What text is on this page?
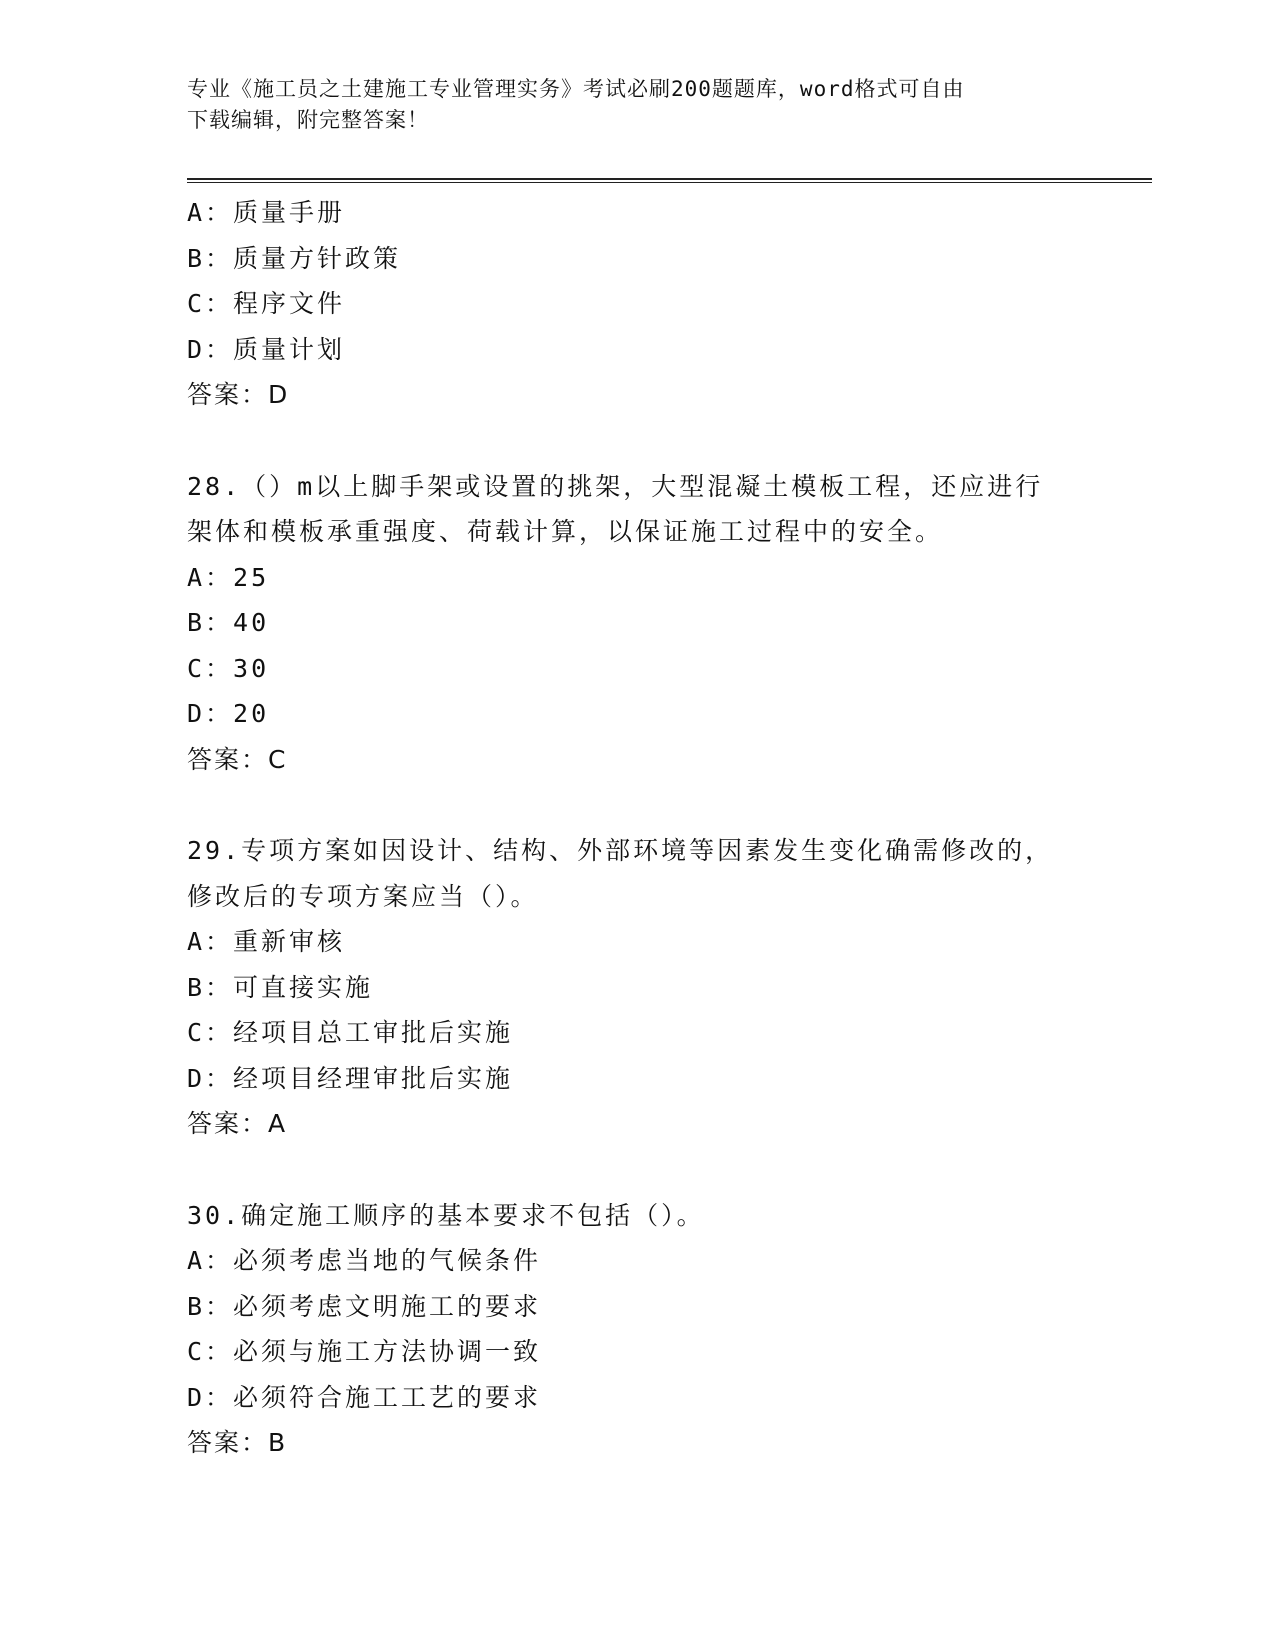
专业《施工员之土建施工专业管理实务》考试必刷200题题库，word格式可自由
下载编辑，附完整答案！
A：质量手册
B：质量方针政策
C：程序文件
D：质量计划
答案：D
28.（）m以上脚手架或设置的挑架，大型混凝土模板工程，还应进行
架体和模板承重强度、荷载计算，以保证施工过程中的安全。
A：25
B：40
C：30
D：20
答案：C
29.专项方案如因设计、结构、外部环境等因素发生变化确需修改的，
修改后的专项方案应当（）。
A：重新审核
B：可直接实施
C：经项目总工审批后实施
D：经项目经理审批后实施
答案：A
30.确定施工顺序的基本要求不包括（）。
A：必须考虑当地的气候条件
B：必须考虑文明施工的要求
C：必须与施工方法协调一致
D：必须符合施工工艺的要求
答案：B
